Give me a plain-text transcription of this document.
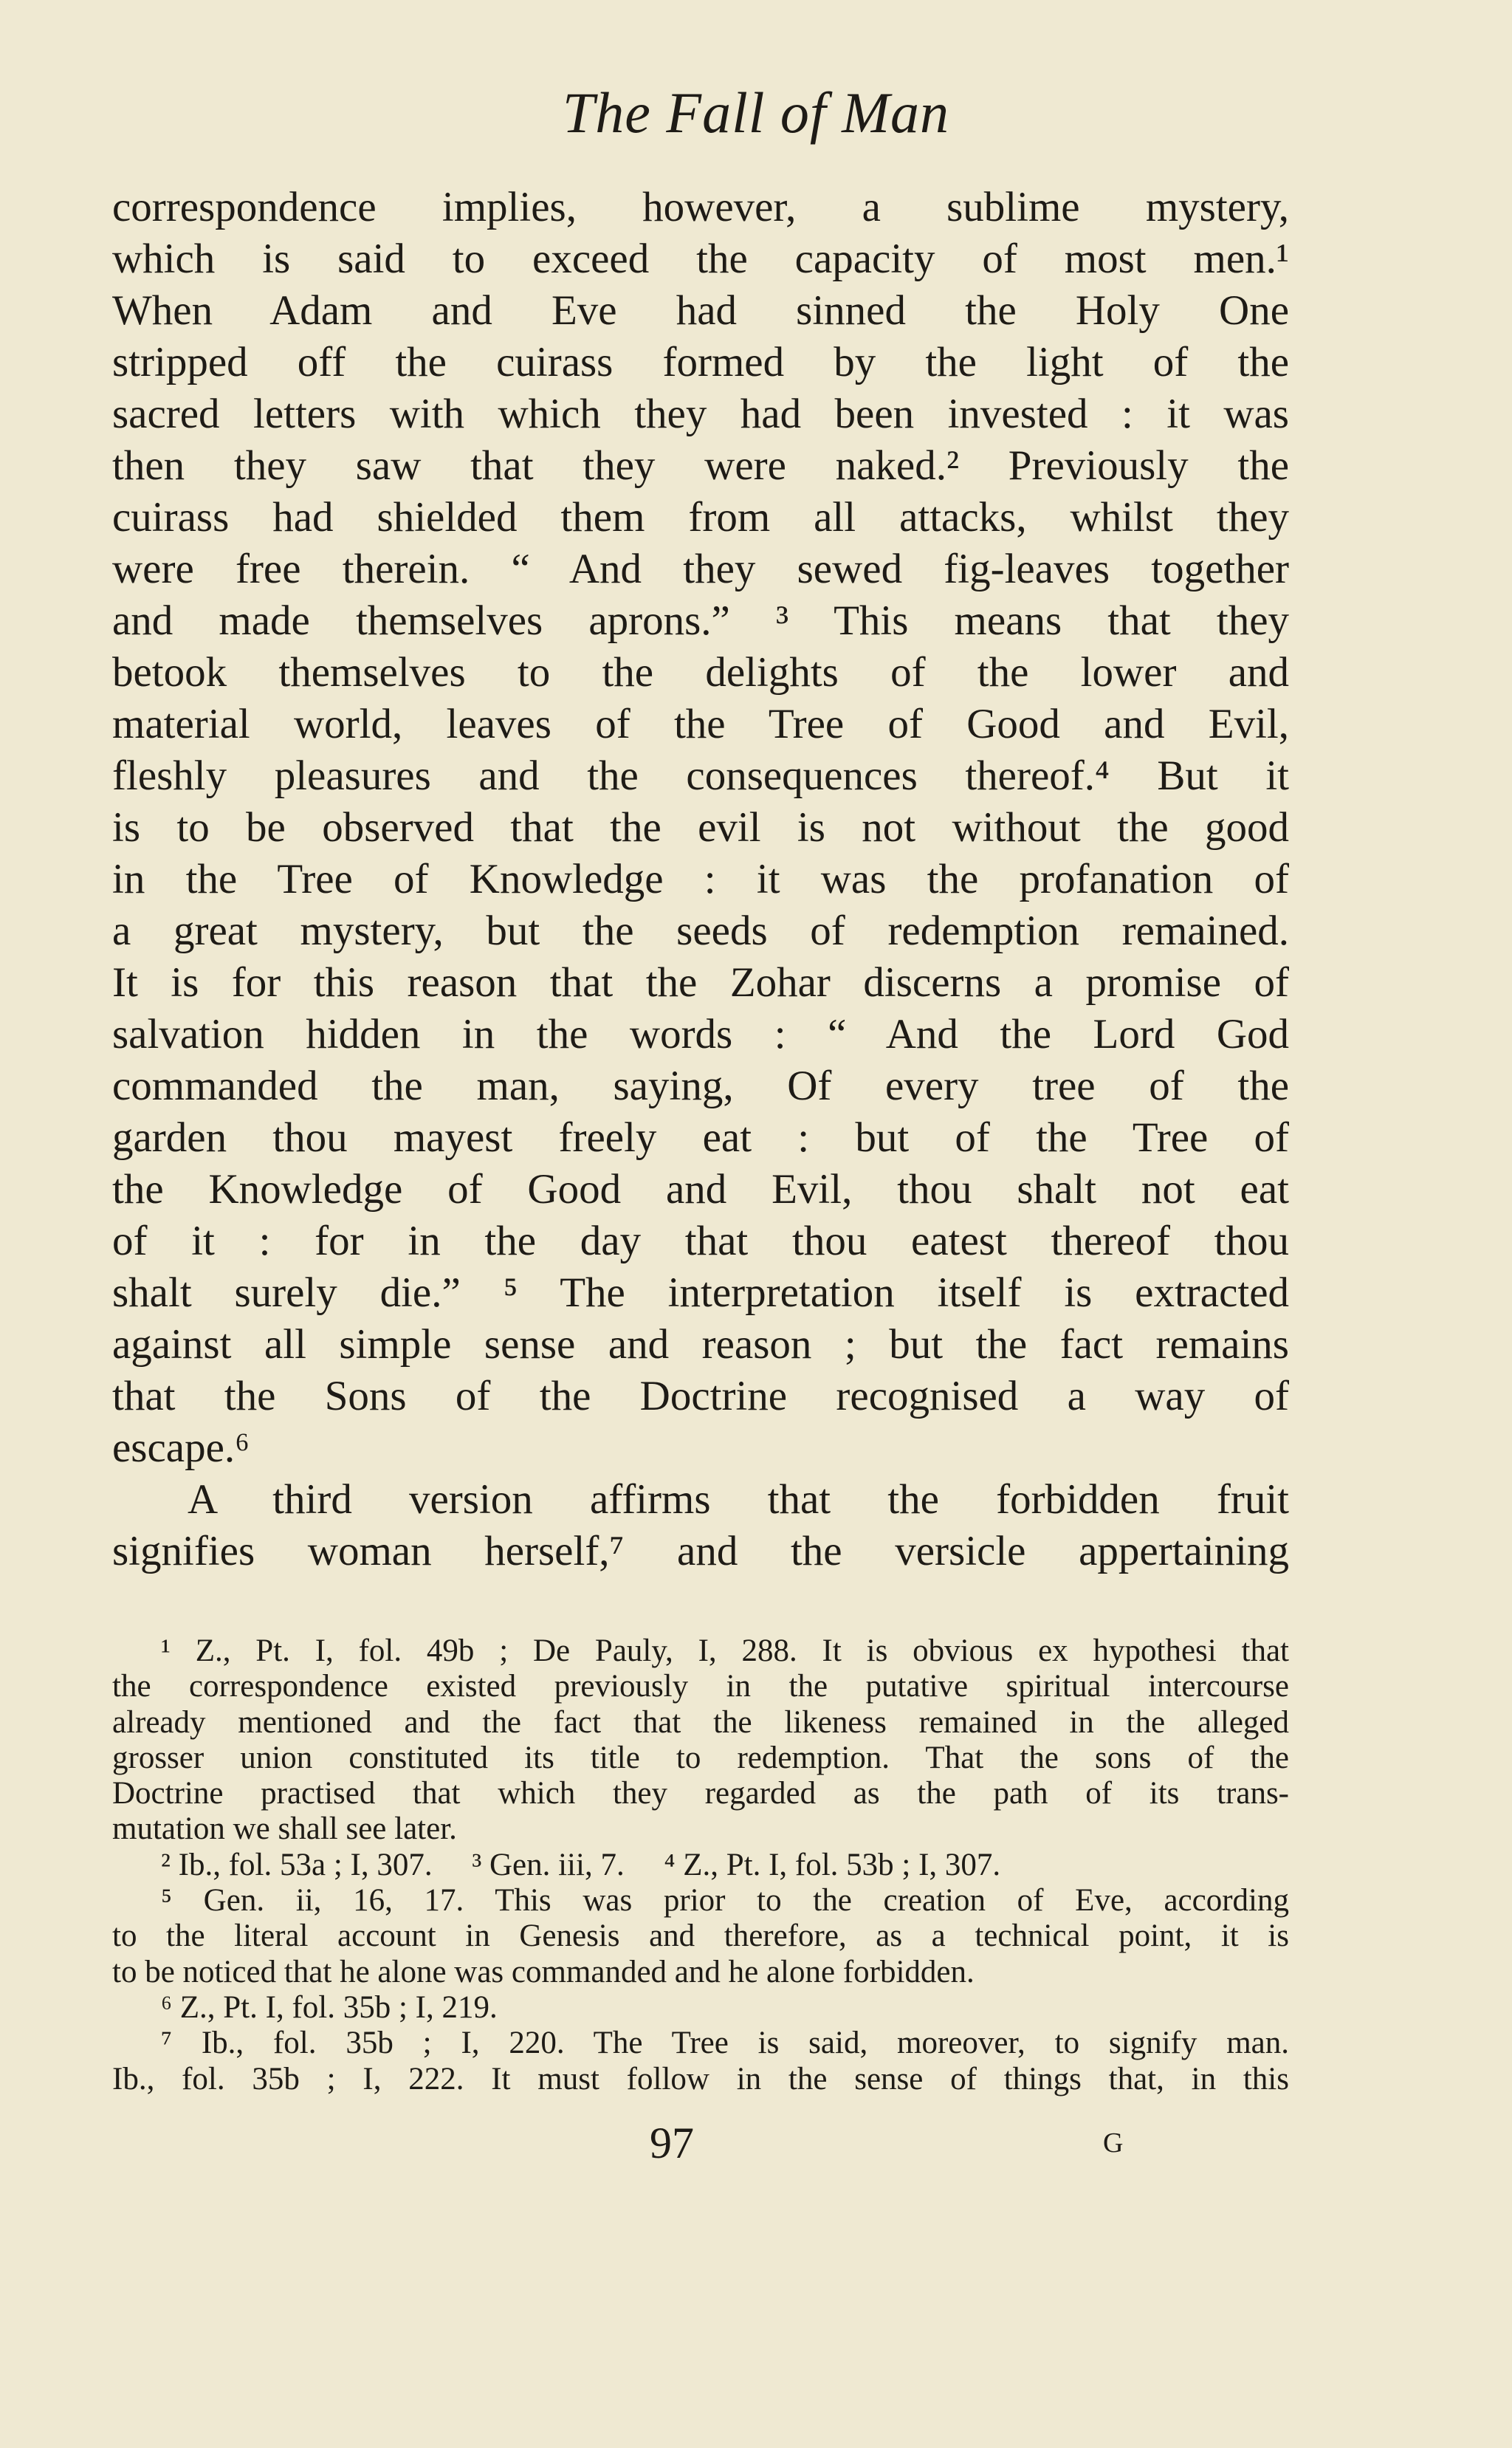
The Fall of Man
correspondence implies, however, a sublime mystery,
which is said to exceed the capacity of most men.¹
When Adam and Eve had sinned the Holy One
stripped off the cuirass formed by the light of the
sacred letters with which they had been invested : it was
then they saw that they were naked.² Previously the
cuirass had shielded them from all attacks, whilst they
were free therein. “ And they sewed fig-leaves together
and made themselves aprons.” ³ This means that they
betook themselves to the delights of the lower and
material world, leaves of the Tree of Good and Evil,
fleshly pleasures and the consequences thereof.⁴ But it
is to be observed that the evil is not without the good
in the Tree of Knowledge : it was the profanation of
a great mystery, but the seeds of redemption remained.
It is for this reason that the Zohar discerns a promise of
salvation hidden in the words : “ And the Lord God
commanded the man, saying, Of every tree of the
garden thou mayest freely eat : but of the Tree of
the Knowledge of Good and Evil, thou shalt not eat
of it : for in the day that thou eatest thereof thou
shalt surely die.” ⁵ The interpretation itself is extracted
against all simple sense and reason ; but the fact remains
that the Sons of the Doctrine recognised a way of
escape.⁶
A third version affirms that the forbidden fruit
signifies woman herself,⁷ and the versicle appertaining
¹ Z., Pt. I, fol. 49b ; De Pauly, I, 288. It is obvious ex hypothesi that
the correspondence existed previously in the putative spiritual intercourse
already mentioned and the fact that the likeness remained in the alleged
grosser union constituted its title to redemption. That the sons of the
Doctrine practised that which they regarded as the path of its trans-
mutation we shall see later.
² Ib., fol. 53a ; I, 307.     ³ Gen. iii, 7.     ⁴ Z., Pt. I, fol. 53b ; I, 307.
⁵ Gen. ii, 16, 17. This was prior to the creation of Eve, according
to the literal account in Genesis and therefore, as a technical point, it is
to be noticed that he alone was commanded and he alone forbidden.
⁶ Z., Pt. I, fol. 35b ; I, 219.
⁷ Ib., fol. 35b ; I, 220. The Tree is said, moreover, to signify man.
Ib., fol. 35b ; I, 222. It must follow in the sense of things that, in this
97	G
